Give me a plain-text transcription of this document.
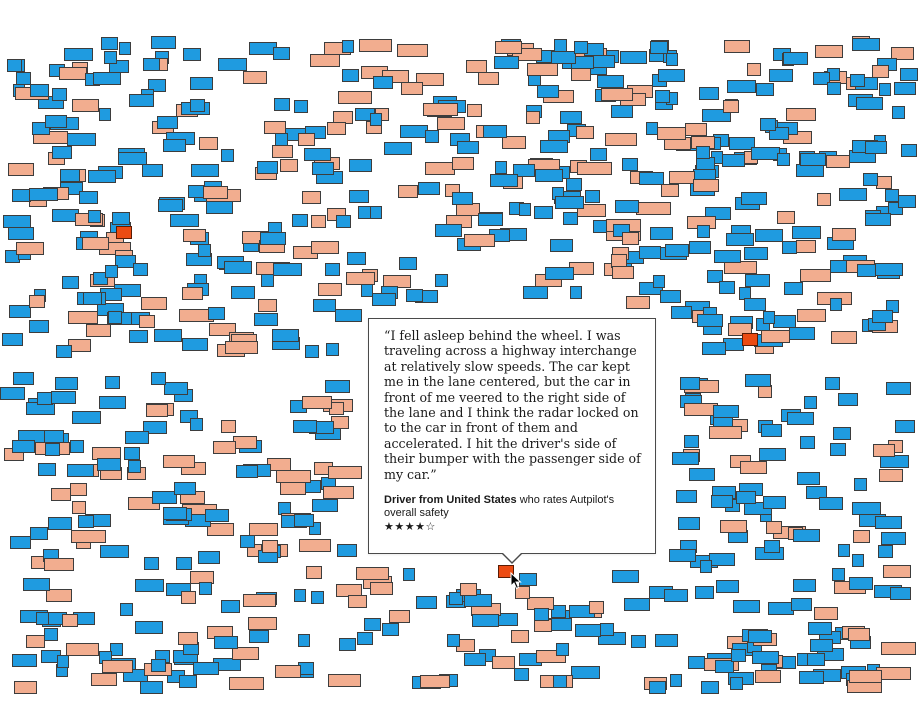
“I fell asleep behind the wheel. I was traveling across a highway interchange at relatively slow speeds. The car kept me in the lane centered, but the car in front of me veered to the right side of the lane and I think the radar locked on to the car in front of them and accelerated. I hit the driver's side of their bumper with the passenger side of my car.”

Driver from United States who rates Autpilot's overall safety
★★★★☆
